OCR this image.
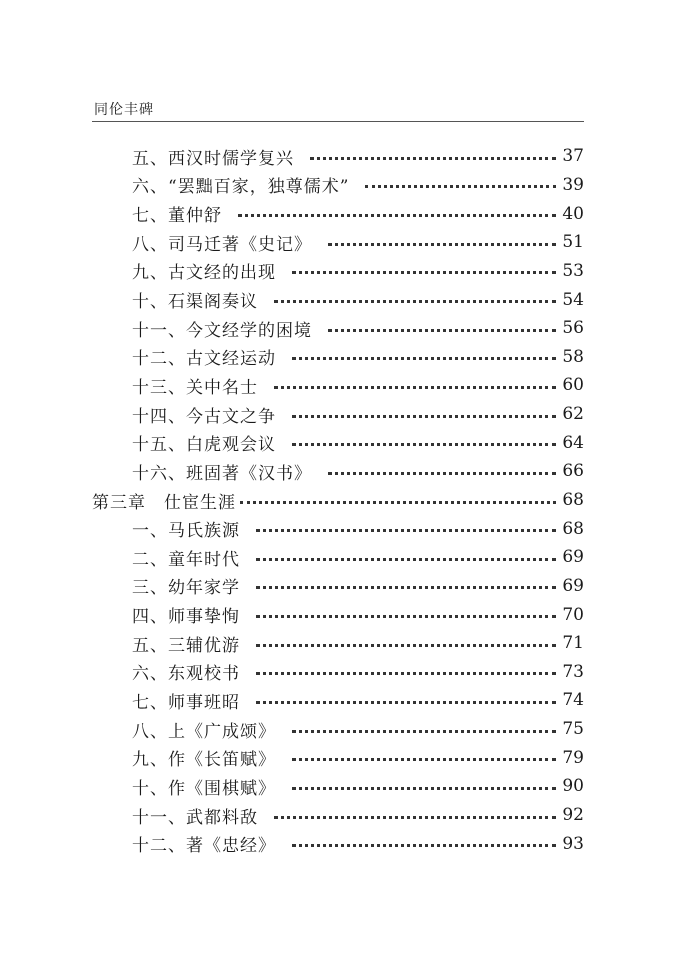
同伦丰碑
五、西汉时儒学复兴	37
六、“罢黜百家，独尊儒术”	39
七、董仲舒	40
八、司马迁著《史记》	51
九、古文经的出现	53
十、石渠阁奏议	54
十一、今文经学的困境	56
十二、古文经运动	58
十三、关中名士	60
十四、今古文之争	62
十五、白虎观会议	64
十六、班固著《汉书》	66
第三章　仕宦生涯	68
一、马氏族源	68
二、童年时代	69
三、幼年家学	69
四、师事挚恂	70
五、三辅优游	71
六、东观校书	73
七、师事班昭	74
八、上《广成颂》	75
九、作《长笛赋》	79
十、作《围棋赋》	90
十一、武都料敌	92
十二、著《忠经》	93
